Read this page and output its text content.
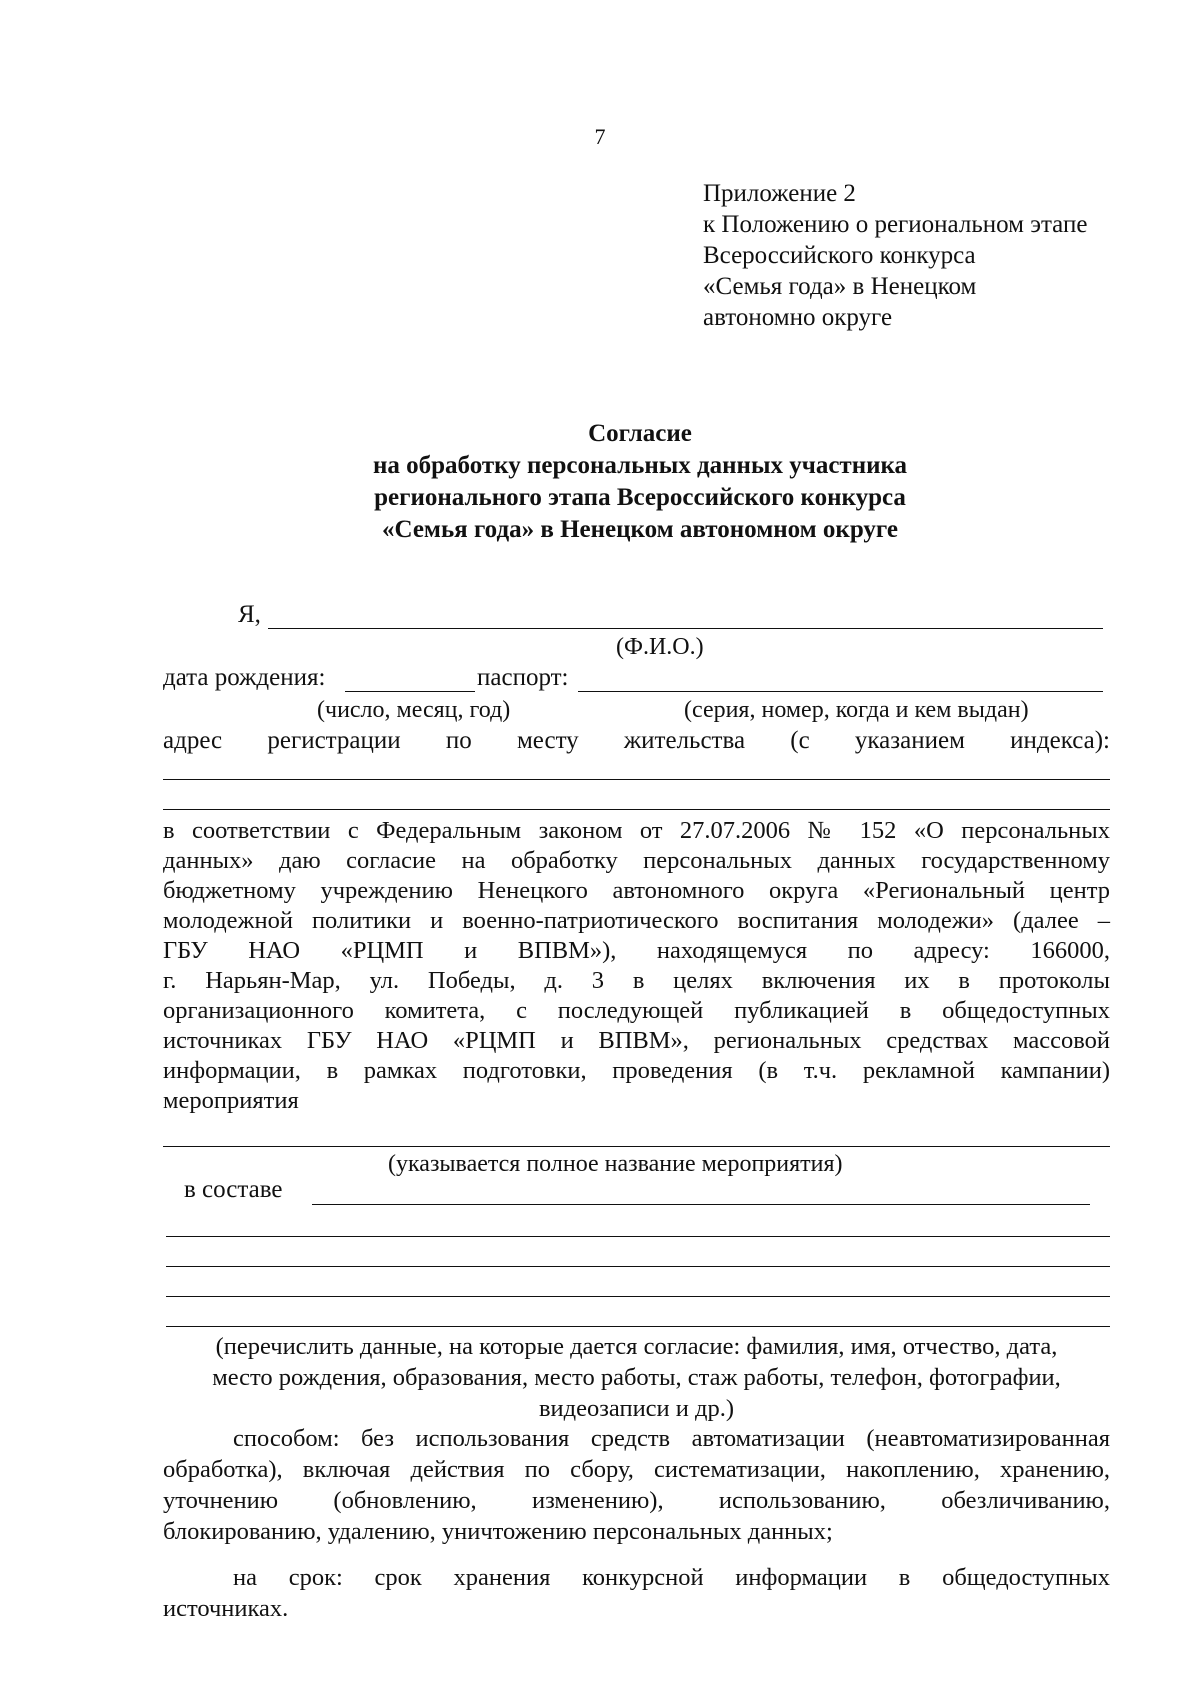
7
Приложение 2
к Положению о региональном этапе
Всероссийского конкурса
«Семья года» в Ненецком
автономно округе
Согласие
на обработку персональных данных участника
регионального этапа Всероссийского конкурса
«Семья года» в Ненецком автономном округе
Я,
(Ф.И.О.)
дата рождения:	паспорт:
(число, месяц, год)	(серия, номер, когда и кем выдан)
адрес регистрации по месту жительства (с указанием индекса):
в соответствии с Федеральным законом от 27.07.2006 № 152 «О персональных
данных» даю согласие на обработку персональных данных государственному
бюджетному учреждению Ненецкого автономного округа «Региональный центр
молодежной политики и военно-патриотического воспитания молодежи» (далее –
ГБУ НАО «РЦМП и ВПВМ»), находящемуся по адресу: 166000,
г. Нарьян-Мар, ул. Победы, д. 3 в целях включения их в протоколы
организационного комитета, с последующей публикацией в общедоступных
источниках ГБУ НАО «РЦМП и ВПВМ», региональных средствах массовой
информации, в рамках подготовки, проведения (в т.ч. рекламной кампании)
мероприятия
(указывается полное название мероприятия)
в составе
(перечислить данные, на которые дается согласие: фамилия, имя, отчество, дата,
место рождения, образования, место работы, стаж работы, телефон, фотографии,
видеозаписи и др.)
способом: без использования средств автоматизации (неавтоматизированная
обработка), включая действия по сбору, систематизации, накоплению, хранению,
уточнению (обновлению, изменению), использованию, обезличиванию,
блокированию, удалению, уничтожению персональных данных;
на срок: срок хранения конкурсной информации в общедоступных
источниках.
